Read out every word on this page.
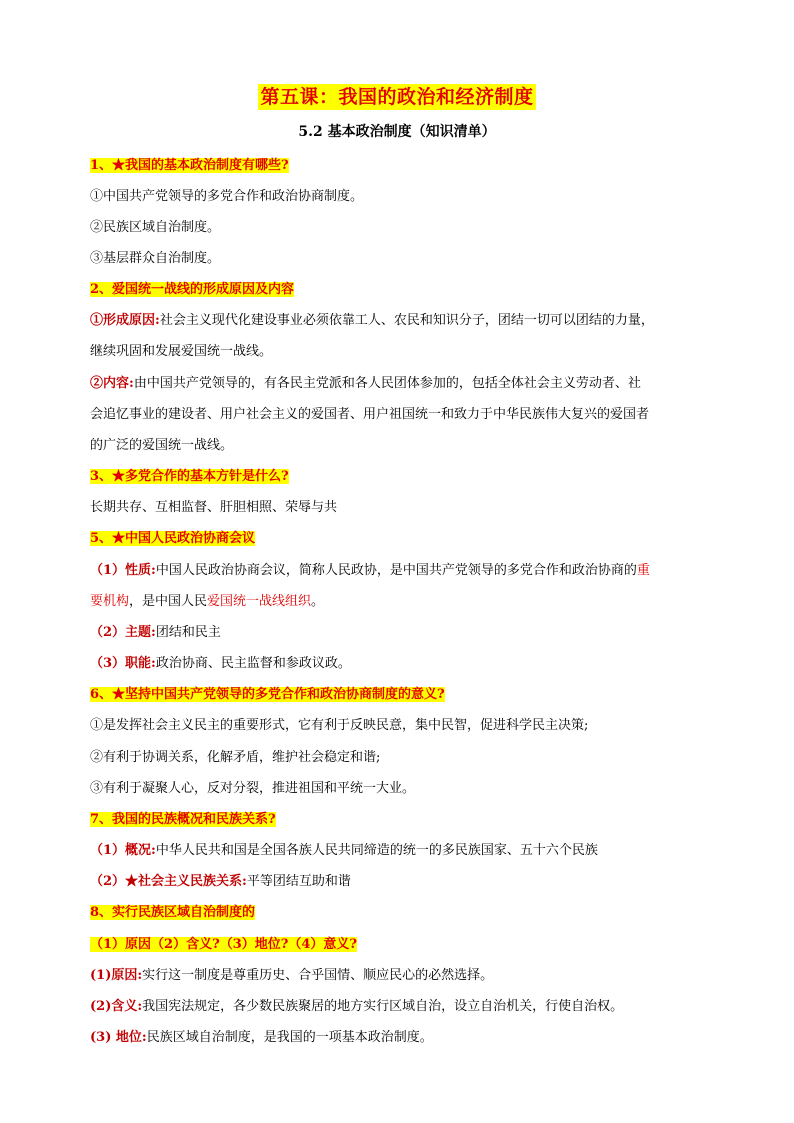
第五课：我国的政治和经济制度
5.2 基本政治制度（知识清单）
1、★我国的基本政治制度有哪些?
①中国共产党领导的多党合作和政治协商制度。
②民族区域自治制度。
③基层群众自治制度。
2、爱国统一战线的形成原因及内容
①形成原因:社会主义现代化建设事业必须依靠工人、农民和知识分子，团结一切可以团结的力量，
继续巩固和发展爱国统一战线。
②内容:由中国共产党领导的，有各民主党派和各人民团体参加的，包括全体社会主义劳动者、社
会追忆事业的建设者、用户社会主义的爱国者、用户祖国统一和致力于中华民族伟大复兴的爱国者
的广泛的爱国统一战线。
3、★多党合作的基本方针是什么?
长期共存、互相监督、肝胆相照、荣辱与共
5、★中国人民政治协商会议
（1）性质:中国人民政治协商会议，简称人民政协，是中国共产党领导的多党合作和政治协商的重
要机构，是中国人民爱国统一战线组织。
（2）主题:团结和民主
（3）职能:政治协商、民主监督和参政议政。
6、★坚持中国共产党领导的多党合作和政治协商制度的意义?
①是发挥社会主义民主的重要形式，它有利于反映民意，集中民智，促进科学民主决策;
②有利于协调关系，化解矛盾，维护社会稳定和谐;
③有利于凝聚人心，反对分裂，推进祖国和平统一大业。
7、我国的民族概况和民族关系?
（1）概况:中华人民共和国是全国各族人民共同缔造的统一的多民族国家、五十六个民族
（2）★社会主义民族关系:平等团结互助和谐
8、实行民族区域自治制度的
（1）原因（2）含义?（3）地位?（4）意义?
(1)原因:实行这一制度是尊重历史、合乎国情、顺应民心的必然选择。
(2)含义:我国宪法规定，各少数民族聚居的地方实行区域自治，设立自治机关，行使自治权。
(3) 地位:民族区域自治制度，是我国的一项基本政治制度。
